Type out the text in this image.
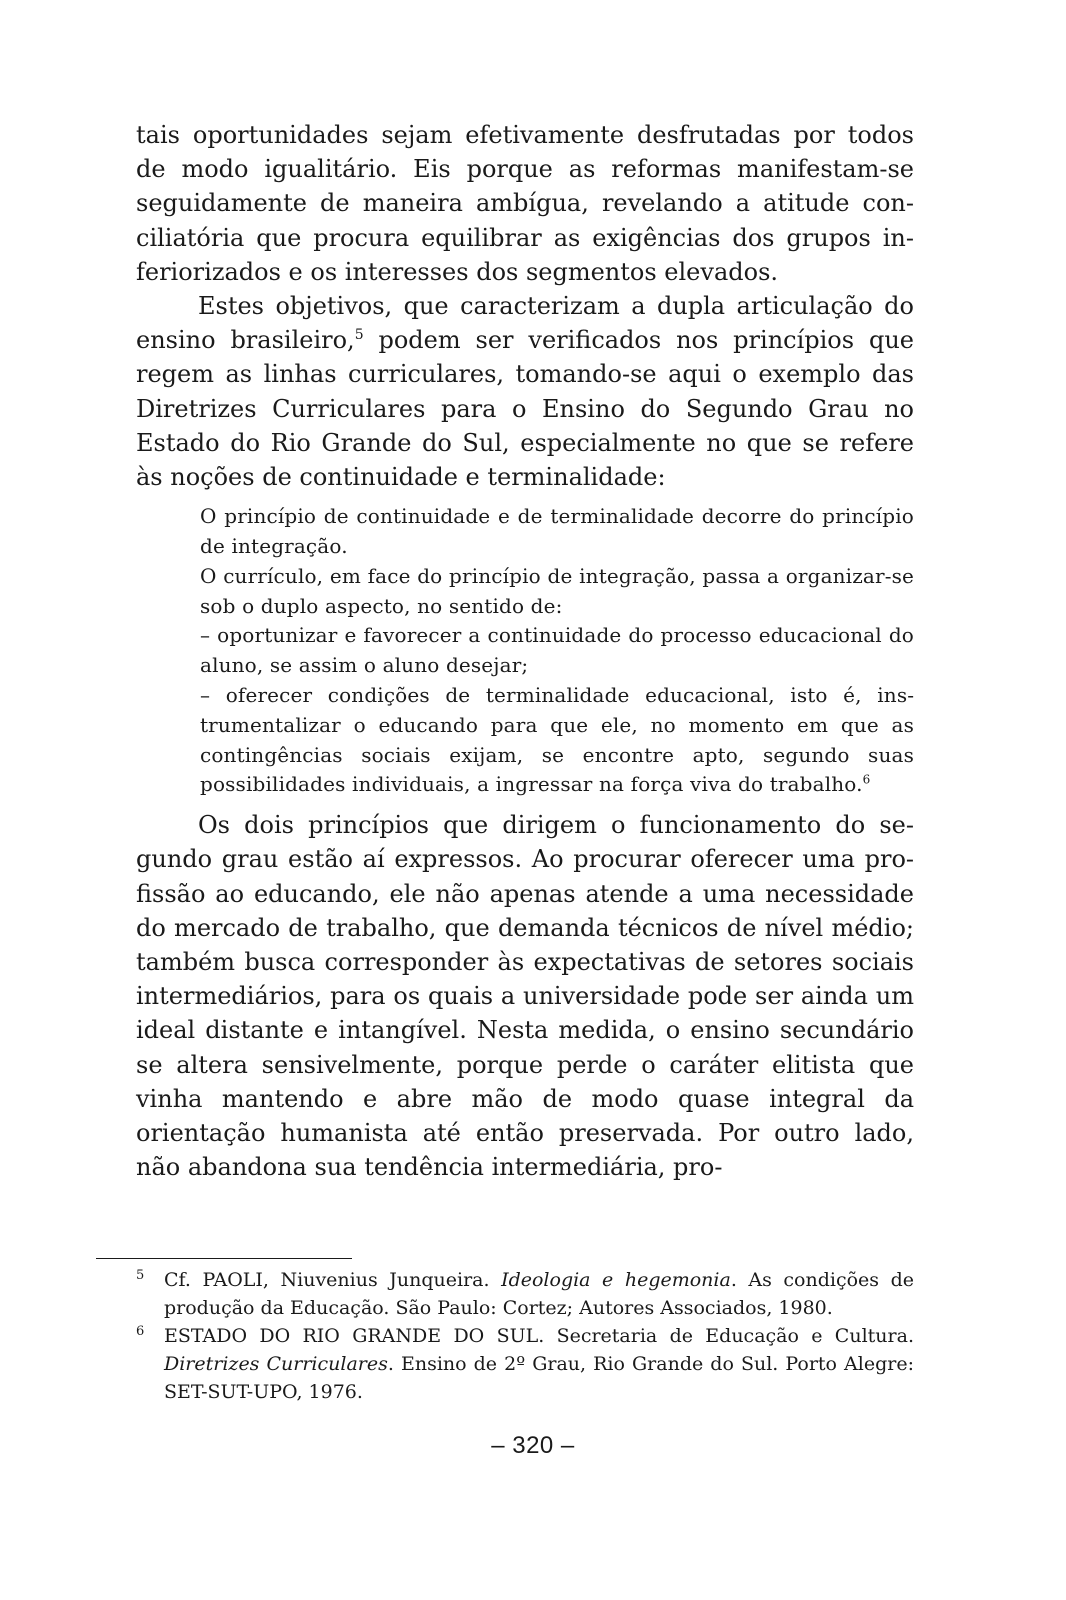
tais oportunidades sejam efetivamente desfrutadas por todos de modo igualitário. Eis porque as reformas manifestam-se seguidamente de maneira ambígua, revelando a atitude conciliatória que procura equilibrar as exigências dos grupos inferiorizados e os interesses dos segmentos elevados.

Estes objetivos, que caracterizam a dupla articulação do ensino brasileiro,$^5$ podem ser verificados nos princípios que regem as linhas curriculares, tomando-se aqui o exemplo das Diretrizes Curriculares para o Ensino do Segundo Grau no Estado do Rio Grande do Sul, especialmente no que se refere às noções de continuidade e terminalidade:

O princípio de continuidade e de terminalidade decorre do princípio de integração.

O currículo, em face do princípio de integração, passa a organizar-se sob o duplo aspecto, no sentido de:

– oportunizar e favorecer a continuidade do processo educacional do aluno, se assim o aluno desejar;

– oferecer condições de terminalidade educacional, isto é, instrumentalizar o educando para que ele, no momento em que as contingências sociais exijam, se encontre apto, segundo suas possibilidades individuais, a ingressar na força viva do trabalho.$^6$

Os dois princípios que dirigem o funcionamento do segundo grau estão aí expressos. Ao procurar oferecer uma profissão ao educando, ele não apenas atende a uma necessidade do mercado de trabalho, que demanda técnicos de nível médio; também busca corresponder às expectativas de setores sociais intermediários, para os quais a universidade pode ser ainda um ideal distante e intangível. Nesta medida, o ensino secundário se altera sensivelmente, porque perde o caráter elitista que vinha mantendo e abre mão de modo quase integral da orientação humanista até então preservada. Por outro lado, não abandona sua tendência intermediária, pro-

5 Cf. PAOLI, Niuvenius Junqueira. Ideologia e hegemonia. As condições de produção da Educação. São Paulo: Cortez; Autores Associados, 1980.

6 ESTADO DO RIO GRANDE DO SUL. Secretaria de Educação e Cultura. Diretrizes Curriculares. Ensino de 2º Grau, Rio Grande do Sul. Porto Alegre: SET-SUT-UPO, 1976.

– 320 –
